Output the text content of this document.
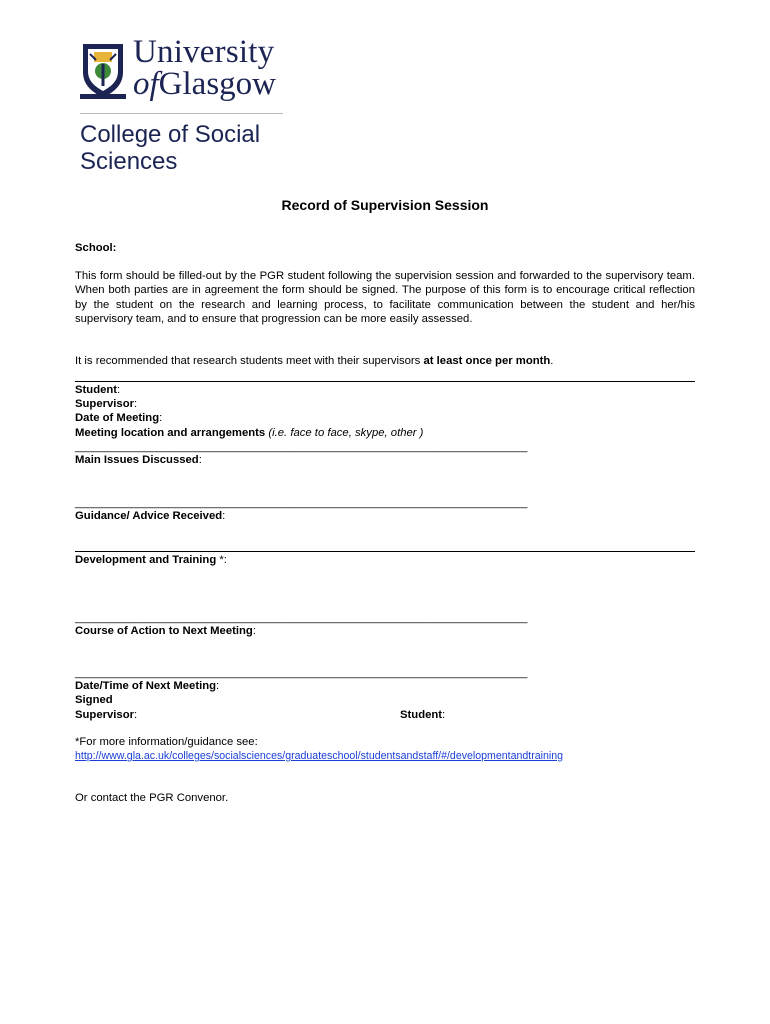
University
ofGlasgow
College of Social
Sciences
Record of Supervision Session
School:
This form should be filled-out by the PGR student following the supervision session and forwarded to the supervisory team. When both parties are in agreement the form should be signed. The purpose of this form is to encourage critical reflection by the student on the research and learning process, to facilitate communication between the student and her/his supervisory team, and to ensure that progression can be more easily assessed.
It is recommended that research students meet with their supervisors at least once per month.
Student:
Supervisor:
Date of Meeting:
Meeting location and arrangements (i.e. face to face, skype, other )
________________________________________________________________________
Main Issues Discussed:
________________________________________________________________________
Guidance/ Advice Received:
Development and Training *:
________________________________________________________________________
Course of Action to Next Meeting:
________________________________________________________________________
Date/Time of Next Meeting:
Signed
Supervisor:	Student:
*For more information/guidance see:
http://www.gla.ac.uk/colleges/socialsciences/graduateschool/studentsandstaff/#/developmentandtraining
Or contact the PGR Convenor.
